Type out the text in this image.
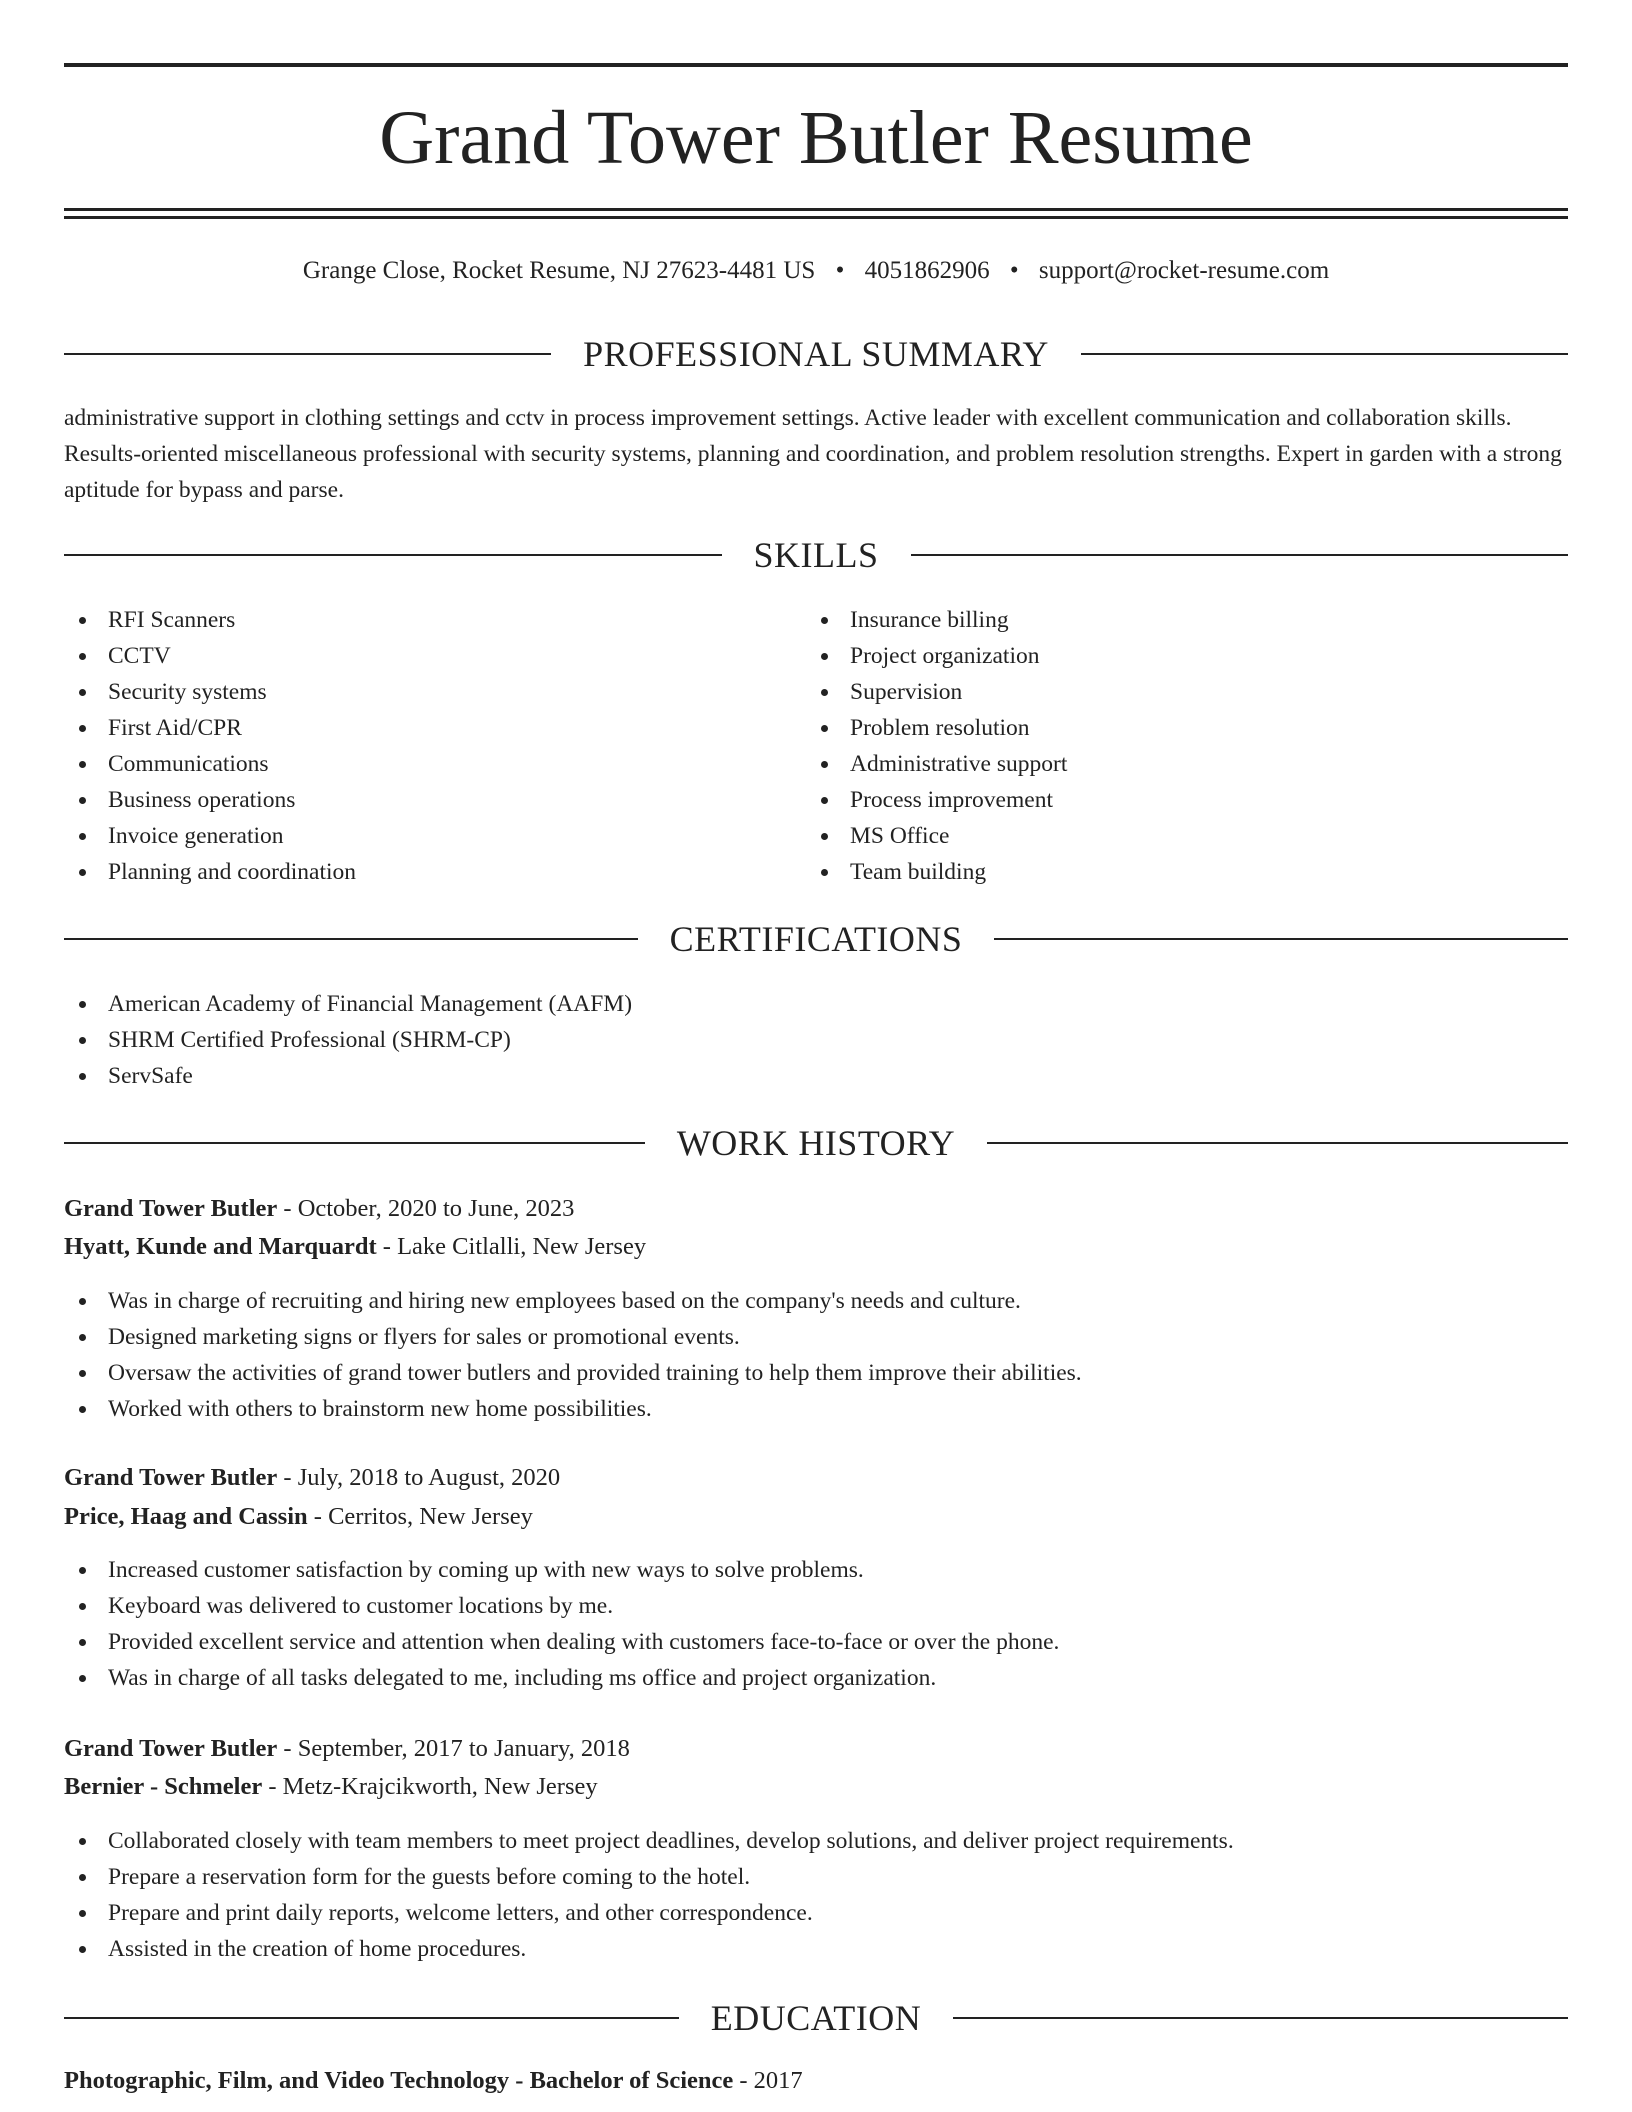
Grand Tower Butler Resume
Grange Close, Rocket Resume, NJ 27623-4481 US • 4051862906 • support@rocket-resume.com
PROFESSIONAL SUMMARY

administrative support in clothing settings and cctv in process improvement settings. Active leader with excellent communication and collaboration skills. Results-oriented miscellaneous professional with security systems, planning and coordination, and problem resolution strengths. Expert in garden with a strong aptitude for bypass and parse.

SKILLS
RFI Scanners
CCTV
Security systems
First Aid/CPR
Communications
Business operations
Invoice generation
Planning and coordination
Insurance billing
Project organization
Supervision
Problem resolution
Administrative support
Process improvement
MS Office
Team building
CERTIFICATIONS
American Academy of Financial Management (AAFM)
SHRM Certified Professional (SHRM-CP)
ServSafe
WORK HISTORY
Grand Tower Butler - October, 2020 to June, 2023
Hyatt, Kunde and Marquardt - Lake Citlalli, New Jersey
Was in charge of recruiting and hiring new employees based on the company's needs and culture.
Designed marketing signs or flyers for sales or promotional events.
Oversaw the activities of grand tower butlers and provided training to help them improve their abilities.
Worked with others to brainstorm new home possibilities.
Grand Tower Butler - July, 2018 to August, 2020
Price, Haag and Cassin - Cerritos, New Jersey
Increased customer satisfaction by coming up with new ways to solve problems.
Keyboard was delivered to customer locations by me.
Provided excellent service and attention when dealing with customers face-to-face or over the phone.
Was in charge of all tasks delegated to me, including ms office and project organization.
Grand Tower Butler - September, 2017 to January, 2018
Bernier - Schmeler - Metz-Krajcikworth, New Jersey
Collaborated closely with team members to meet project deadlines, develop solutions, and deliver project requirements.
Prepare a reservation form for the guests before coming to the hotel.
Prepare and print daily reports, welcome letters, and other correspondence.
Assisted in the creation of home procedures.
EDUCATION
Photographic, Film, and Video Technology - Bachelor of Science - 2017
